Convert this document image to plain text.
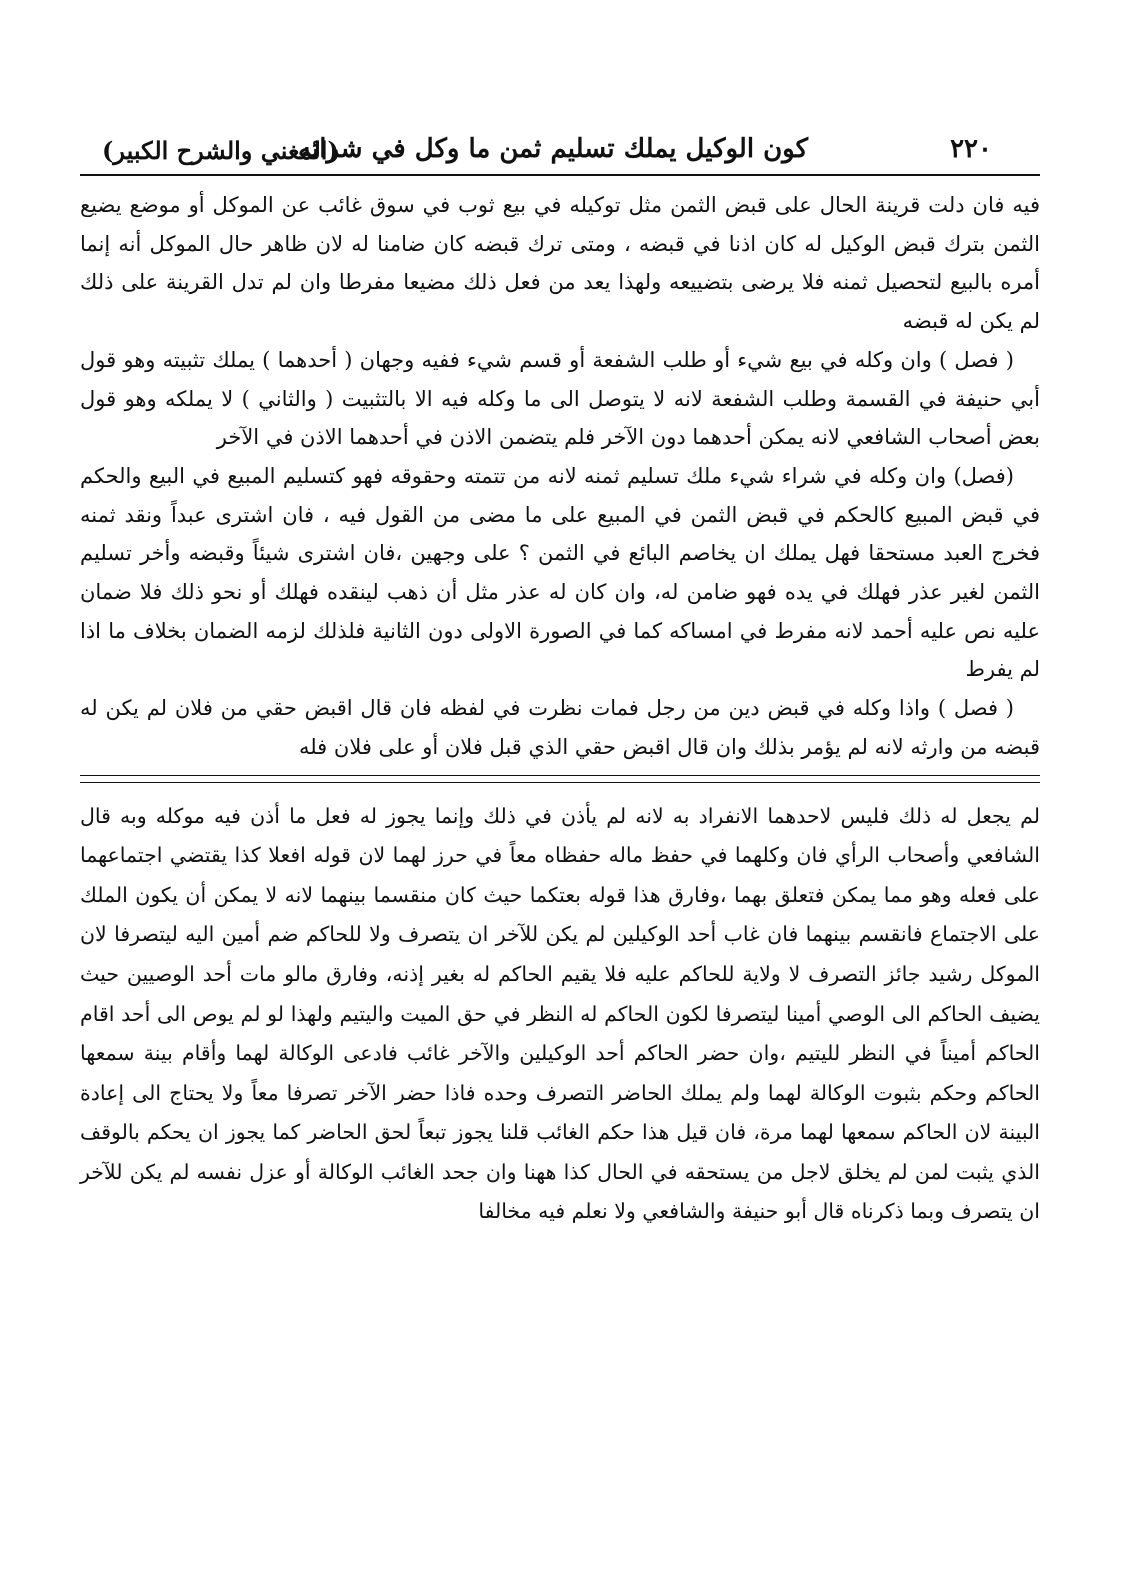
٢٢٠
كون الوكيل يملك تسليم ثمن ما وكل في شرائه
(المغني والشرح الكبير)

فيه فان دلت قرينة الحال على قبض الثمن مثل توكيله في بيع ثوب في سوق غائب عن الموكل أو موضع يضيع الثمن بترك قبض الوكيل له كان اذنا في قبضه ، ومتى ترك قبضه كان ضامنا له لان ظاهر حال الموكل أنه إنما أمره بالبيع لتحصيل ثمنه فلا يرضى بتضييعه ولهذا يعد من فعل ذلك مضيعا مفرطا وان لم تدل القرينة على ذلك لم يكن له قبضه

( فصل ) وان وكله في بيع شيء أو طلب الشفعة أو قسم شيء ففيه وجهان ( أحدهما ) يملك تثبيته وهو قول أبي حنيفة في القسمة وطلب الشفعة لانه لا يتوصل الى ما وكله فيه الا بالتثبيت ( والثاني ) لا يملكه وهو قول بعض أصحاب الشافعي لانه يمكن أحدهما دون الآخر فلم يتضمن الاذن في أحدهما الاذن في الآخر

(فصل) وان وكله في شراء شيء ملك تسليم ثمنه لانه من تتمته وحقوقه فهو كتسليم المبيع في البيع والحكم في قبض المبيع كالحكم في قبض الثمن في المبيع على ما مضى من القول فيه ، فان اشترى عبداً ونقد ثمنه فخرج العبد مستحقا فهل يملك ان يخاصم البائع في الثمن ؟ على وجهين ،فان اشترى شيئاً وقبضه وأخر تسليم الثمن لغير عذر فهلك في يده فهو ضامن له، وان كان له عذر مثل أن ذهب لينقده فهلك أو نحو ذلك فلا ضمان عليه نص عليه أحمد لانه مفرط في امساكه كما في الصورة الاولى دون الثانية فلذلك لزمه الضمان بخلاف ما اذا لم يفرط

( فصل ) واذا وكله في قبض دين من رجل فمات نظرت في لفظه فان قال اقبض حقي من فلان لم يكن له قبضه من وارثه لانه لم يؤمر بذلك وان قال اقبض حقي الذي قبل فلان أو على فلان فله

لم يجعل له ذلك فليس لاحدهما الانفراد به لانه لم يأذن في ذلك وإنما يجوز له فعل ما أذن فيه موكله وبه قال الشافعي وأصحاب الرأي فان وكلهما في حفظ ماله حفظاه معاً في حرز لهما لان قوله افعلا كذا يقتضي اجتماعهما على فعله وهو مما يمكن فتعلق بهما ،وفارق هذا قوله بعتكما حيث كان منقسما بينهما لانه لا يمكن أن يكون الملك على الاجتماع فانقسم بينهما فان غاب أحد الوكيلين لم يكن للآخر ان يتصرف ولا للحاكم ضم أمين اليه ليتصرفا لان الموكل رشيد جائز التصرف لا ولاية للحاكم عليه فلا يقيم الحاكم له بغير إذنه، وفارق مالو مات أحد الوصيين حيث يضيف الحاكم الى الوصي أمينا ليتصرفا لكون الحاكم له النظر في حق الميت واليتيم ولهذا لو لم يوص الى أحد اقام الحاكم أميناً في النظر لليتيم ،وان حضر الحاكم أحد الوكيلين والآخر غائب فادعى الوكالة لهما وأقام بينة سمعها الحاكم وحكم بثبوت الوكالة لهما ولم يملك الحاضر التصرف وحده فاذا حضر الآخر تصرفا معاً ولا يحتاج الى إعادة البينة لان الحاكم سمعها لهما مرة، فان قيل هذا حكم الغائب قلنا يجوز تبعاً لحق الحاضر كما يجوز ان يحكم بالوقف الذي يثبت لمن لم يخلق لاجل من يستحقه في الحال كذا ههنا وان جحد الغائب الوكالة أو عزل نفسه لم يكن للآخر ان يتصرف وبما ذكرناه قال أبو حنيفة والشافعي ولا نعلم فيه مخالفا
